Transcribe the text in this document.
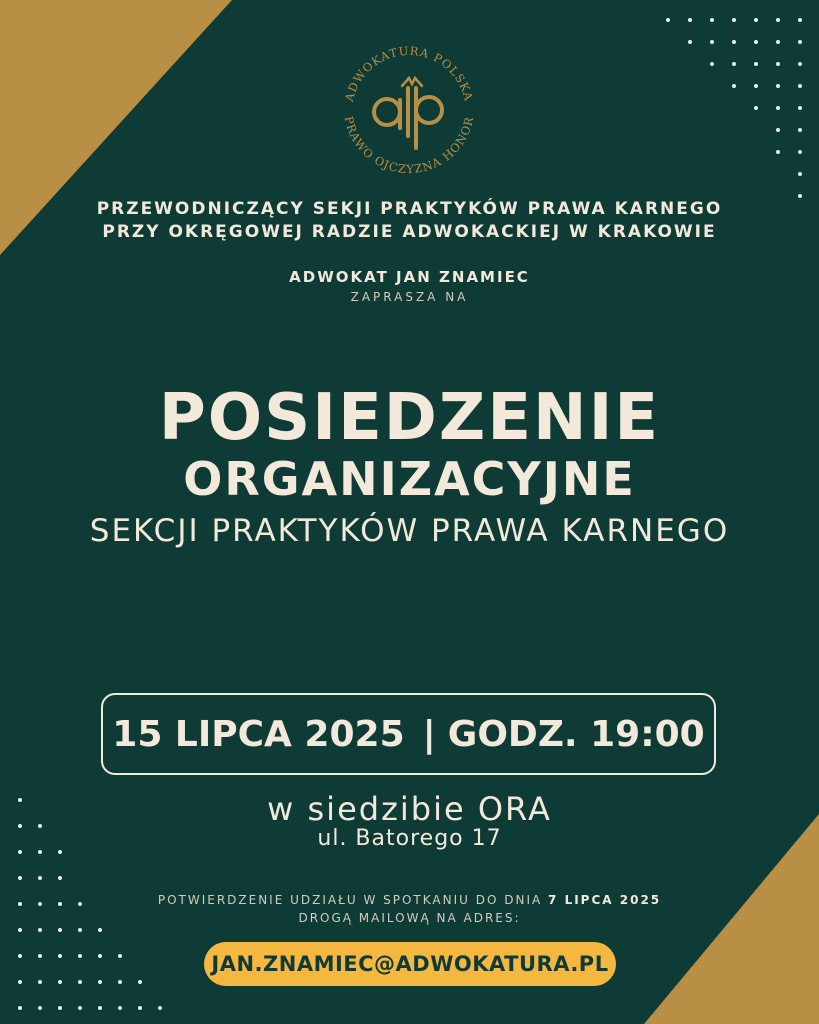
ADWOKATURA POLSKA
PRAWO OJCZYZNA HONOR
PRZEWODNICZĄCY SEKJI PRAKTYKÓW PRAWA KARNEGO
PRZY OKRĘGOWEJ RADZIE ADWOKACKIEJ W KRAKOWIE
ADWOKAT JAN ZNAMIEC
ZAPRASZA NA
POSIEDZENIE
ORGANIZACYJNE
SEKCJI PRAKTYKÓW PRAWA KARNEGO
15 LIPCA 2025 | GODZ. 19:00
w siedzibie ORA
ul. Batorego 17
POTWIERDZENIE UDZIAŁU W SPOTKANIU DO DNIA 7 LIPCA 2025
DROGĄ MAILOWĄ NA ADRES:
JAN.ZNAMIEC@ADWOKATURA.PL
